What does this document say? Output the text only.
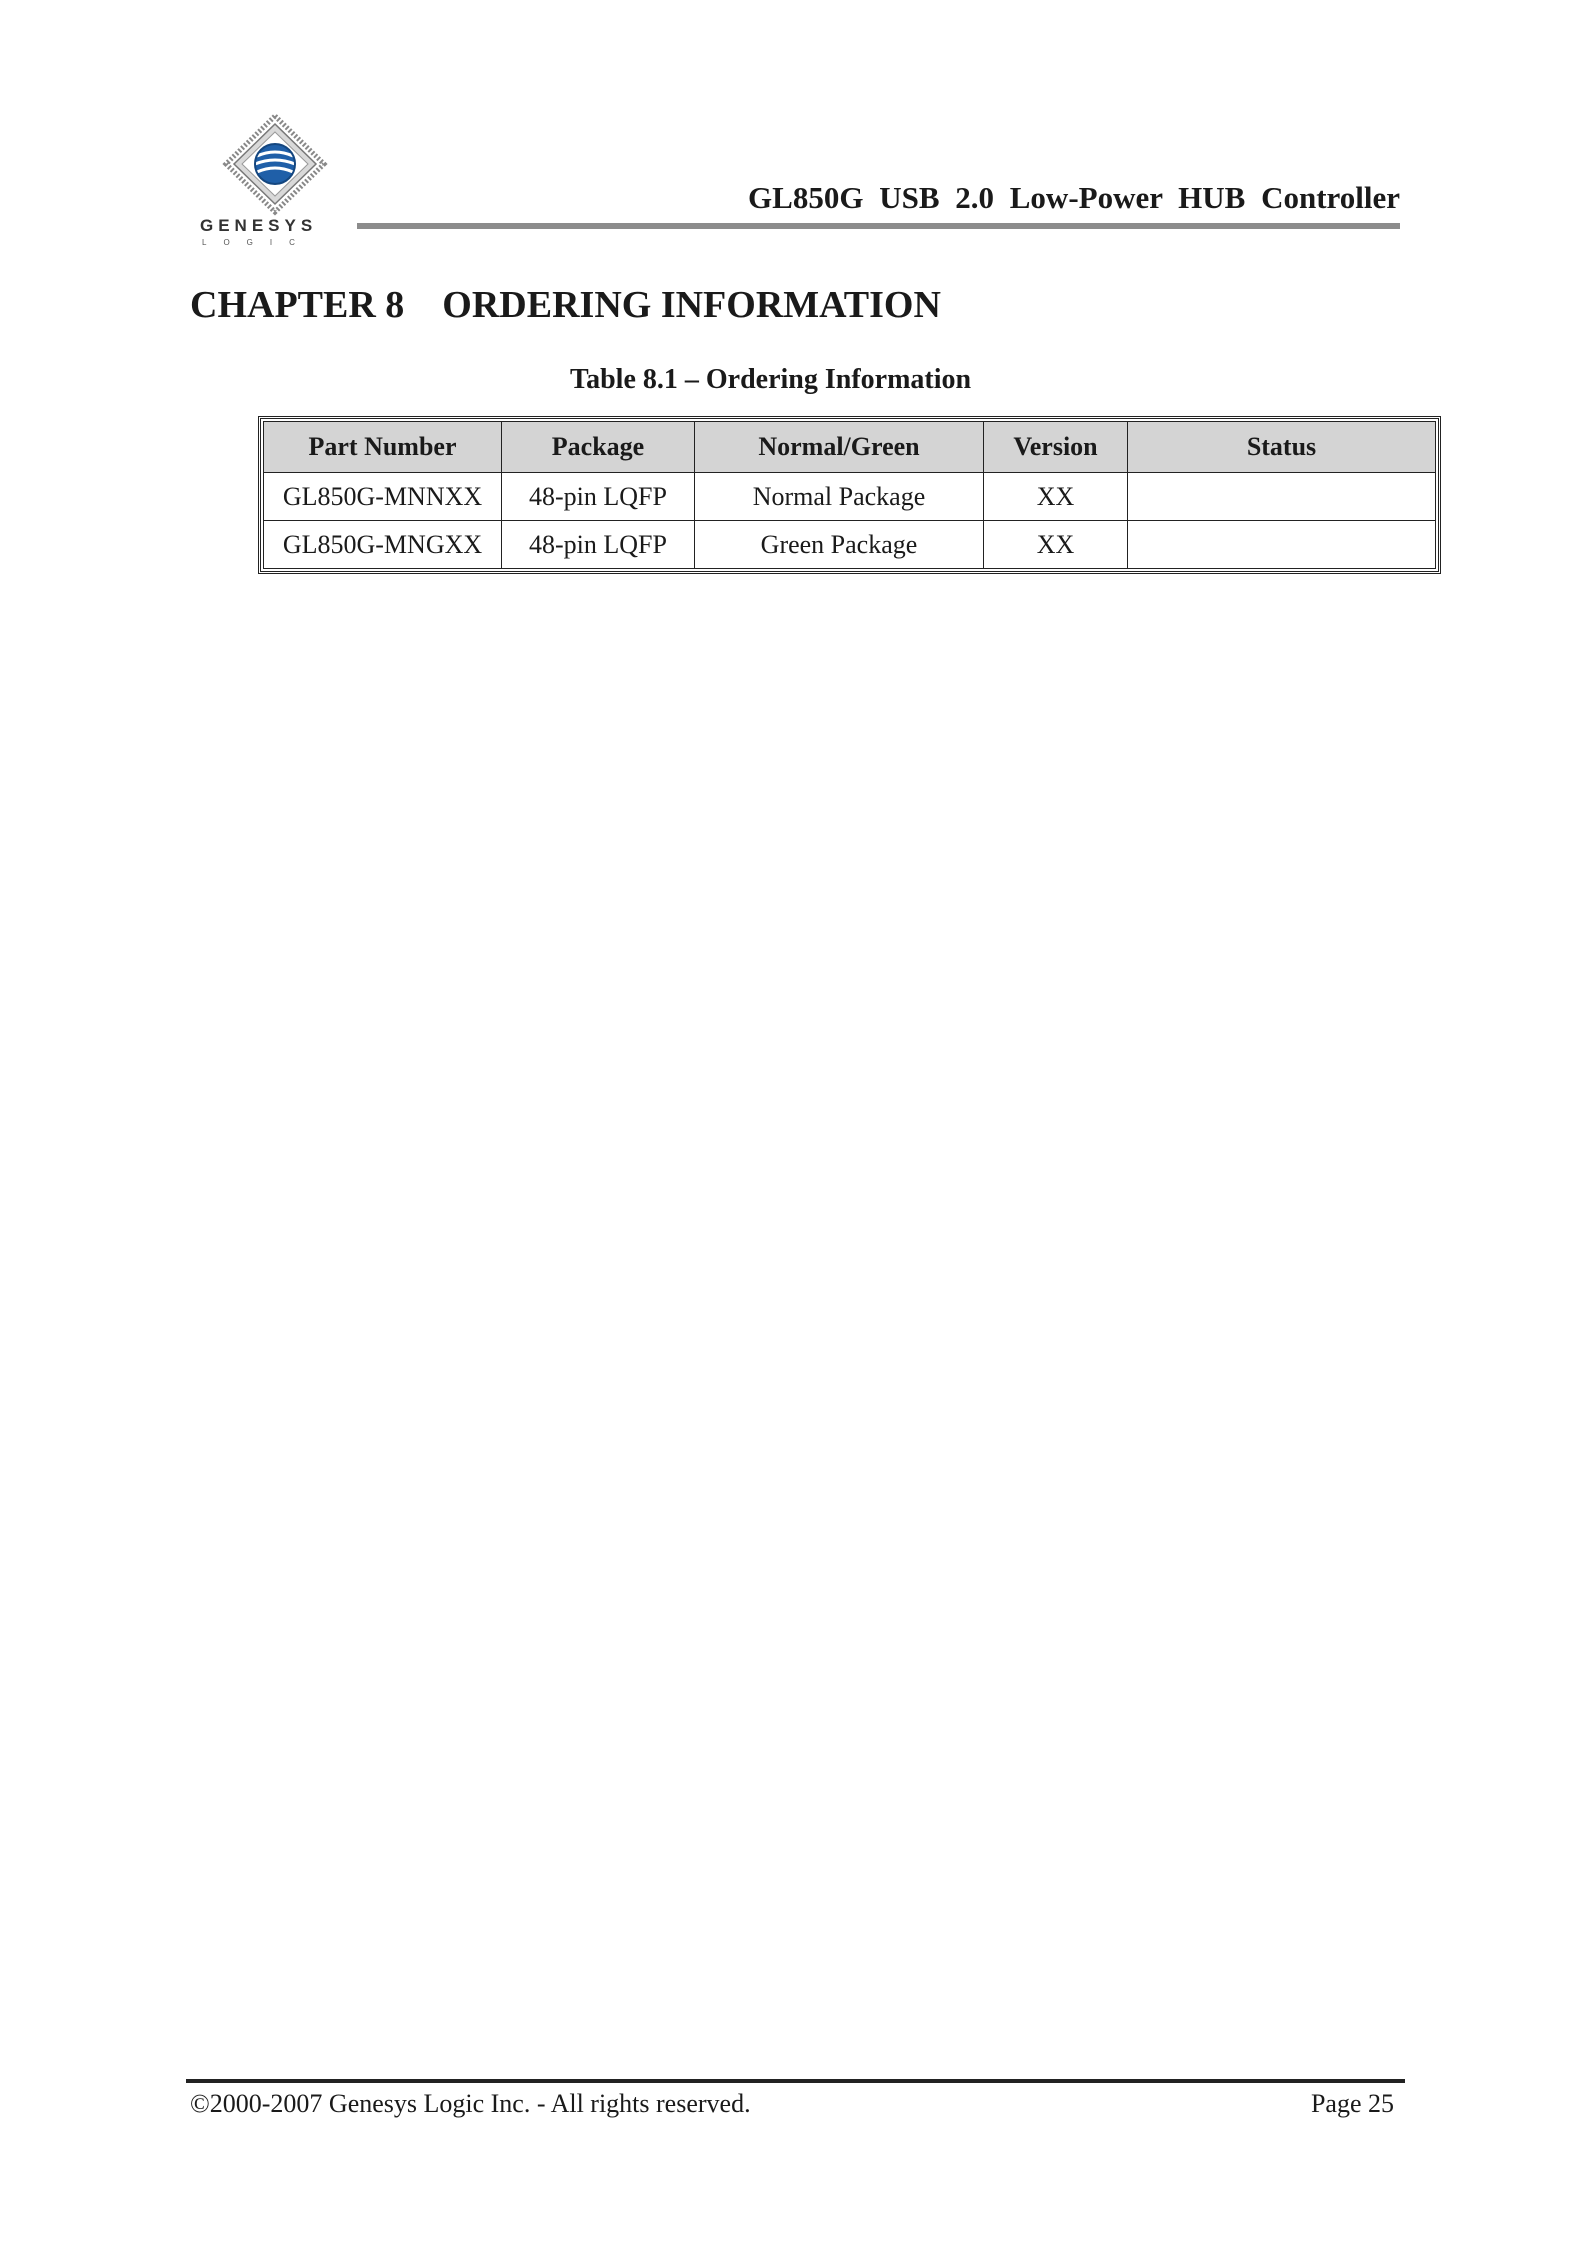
GENESYS
LOGIC
GL850G USB 2.0 Low-Power HUB Controller
CHAPTER 8 ORDERING INFORMATION
Table 8.1 – Ordering Information
Part Number	Package	Normal/Green	Version	Status
GL850G-MNNXX	48-pin LQFP	Normal Package	XX	
GL850G-MNGXX	48-pin LQFP	Green Package	XX	
©2000-2007 Genesys Logic Inc. - All rights reserved.	Page 25
